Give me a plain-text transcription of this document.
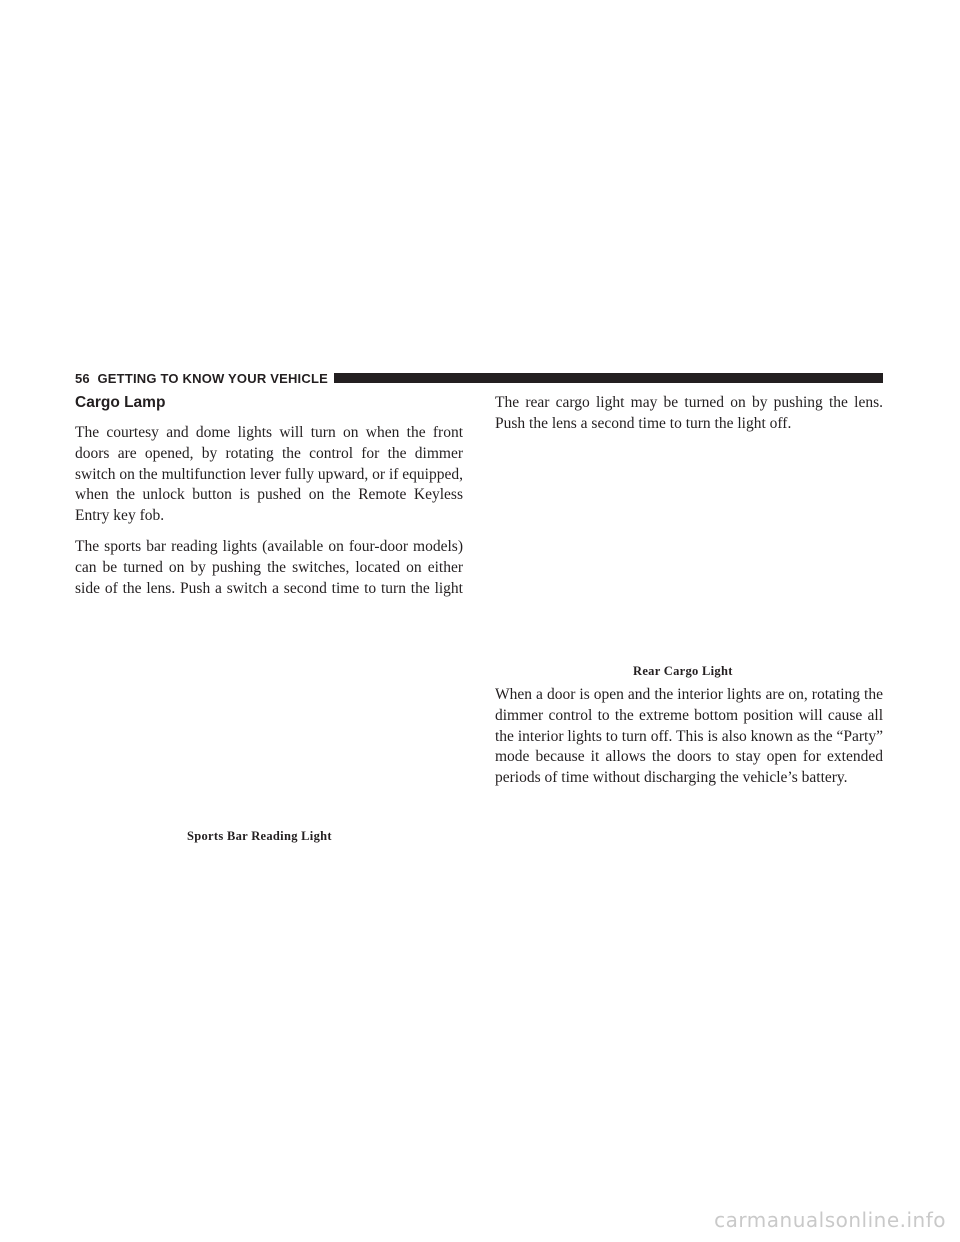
56 GETTING TO KNOW YOUR VEHICLE
Cargo Lamp

The courtesy and dome lights will turn on when the front doors are opened, by rotating the control for the dimmer switch on the multifunction lever fully upward, or if equipped, when the unlock button is pushed on the Remote Keyless Entry key fob.

The sports bar reading lights (available on four-door models) can be turned on by pushing the switches, located on either side of the lens. Push a switch a second time to turn the light

Sports Bar Reading Light

The rear cargo light may be turned on by pushing the lens. Push the lens a second time to turn the light off.

Rear Cargo Light

When a door is open and the interior lights are on, rotating the dimmer control to the extreme bottom position will cause all the interior lights to turn off. This is also known as the “Party” mode because it allows the doors to stay open for extended periods of time without discharging the vehicle’s battery.

carmanualsonline.info
